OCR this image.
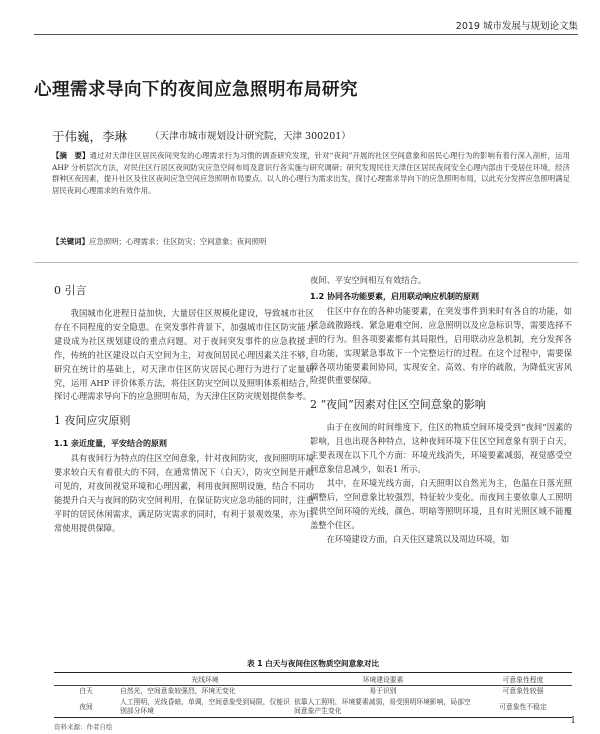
2019 城市发展与规划论文集
心理需求导向下的夜间应急照明布局研究
于伟巍，李琳 （天津市城市规划设计研究院，天津 300201）
【摘　要】通过对天津住区居民夜间突发的心理需求行为习惯的调查研究发现，针对“夜间”开展的社区空间意象和居民心理行为的影响有着行深入剖析，运用AHP 分析层次方法，对民住区行居区夜间防灾应急空间布局及意识行各实施与研究调研；研究发现民住天津住区居民夜间安全心理内部由于受居住环境，经济群种区夜因素，提升社区及住区夜间应急空间应急照明布局要点。以人的心理行为需求出发，探讨心理需求导向下的应急照明布局，以此充分发挥应急照明满足居民夜间心理需求的有效作用。
【关键词】应急照明；心理需求；住区防灾；空间意象；夜间照明
0 引言

我国城市化进程日益加快，大量居住区规模化建设，导致城市社区存在不同程度的安全隐患。在突发事件背景下，加强城市住区防灾能力建设成为社区规划建设的重点问题。对于夜间突发事件的应急救援工作，传统的社区建设以白天空间为主，对夜间居民心理因素关注不够，研究在统计的基础上，对天津市住区防灾居民心理行为进行了定量研究，运用 AHP 评价体系方法，将住区防灾空间以及照明体系相结合，探讨心理需求导向下的应急照明布局，为天津住区防灾规划提供参考。

1 夜间应灾原则
1.1 亲近度量，平安结合的原则

具有夜间行为特点的住区空间意象，针对夜间防灾，夜间照明环境要求较白天有着很大的不同，在通常情况下（白天），防灾空间是开敞可见的，对夜间视觉环境和心理因素，利用夜间照明设施，结合不同功能提升白天与夜间的防灾空间利用，在保证防灾应急功能的同时，注重平时的居民休闲需求，满足防灾需求的同时，有利于景观效果，亦为日常使用提供保障。

夜间、平安空间相互有效结合。

1.2 协同各功能要素，启用联动响应机制的原则

住区中存在的各种功能要素，在突发事件到来时有各自的功能，如紧急疏散路线、紧急避难空间、应急照明以及应急标识等，需要选择不同的行为。但各项要素都有其局限性，启用联动应急机制，充分发挥各自功能，实现紧急事故下一个完整运行的过程。在这个过程中，需要保障各项功能要素间协同，实现安全、高效、有序的疏散，为降低灾害风险提供重要保障。

2 “夜间”因素对住区空间意象的影响

由于在夜间的时间维度下，住区的物质空间环境受到“夜间”因素的影响，且也出现各种特点，这种夜间环境下住区空间意象有别于白天，主要表现在以下几个方面：环境光线消失，环境要素减弱，视觉感受空间意象信息减少，如表1 所示。

其中，在环境光线方面，白天照明以自然光为主，色温在日落光照调整后，空间意象比较强烈，特征较少变化。而夜间主要依靠人工照明提供空间环境的光线，颜色、明暗等照明环境，且有时光照区域不能覆盖整个住区。

在环境建设方面，白天住区建筑以及周边环境，如

表 1 白天与夜间住区物质空间意象对比
	光线环境	环境建设要素	可意象性程度
白天	自然光，空间意象较强烈，环境无变化	易于识别	可意象性较强
夜间	人工照明，光线昏暗，单调，空间意象受到局限，仅能识别部分环境	依靠人工照明，环境要素减弱，易受照明环境影响，局部空间意象产生变化	可意象性不稳定
资料来源：作者自绘
1
